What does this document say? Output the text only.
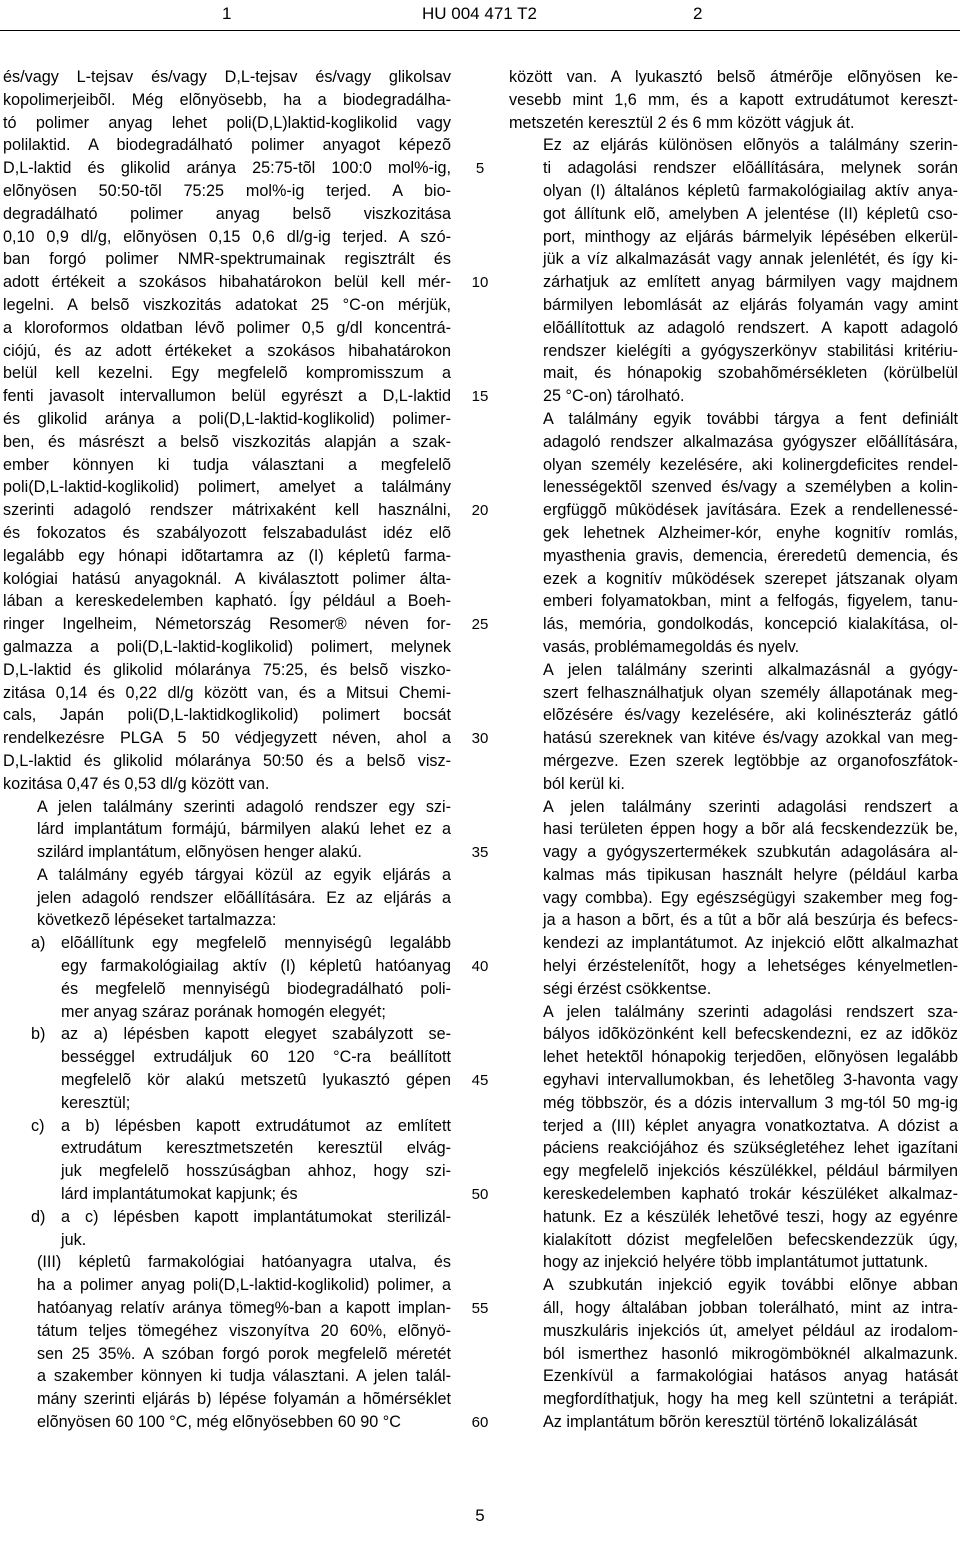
1	HU 004 471 T2	2

és/vagy L-tejsav és/vagy D,L-tejsav és/vagy glikolsav
kopolimerjeibõl. Még elõnyösebb, ha a biodegradálha-
tó polimer anyag lehet poli(D,L)laktid-koglikolid vagy
polilaktid. A biodegradálható polimer anyagot képezõ
D,L-laktid és glikolid aránya 25:75-tõl 100:0 mol%-ig,
elõnyösen 50:50-tõl 75:25 mol%-ig terjed. A bio-
degradálható polimer anyag belsõ viszkozitása
0,10 0,9 dl/g, elõnyösen 0,15 0,6 dl/g-ig terjed. A szó-
ban forgó polimer NMR-spektrumainak regisztrált és
adott értékeit a szokásos hibahatárokon belül kell mér-
legelni. A belsõ viszkozitás adatokat 25 °C-on mérjük,
a kloroformos oldatban lévõ polimer 0,5 g/dl koncentrá-
ciójú, és az adott értékeket a szokásos hibahatárokon
belül kell kezelni. Egy megfelelõ kompromisszum a
fenti javasolt intervallumon belül egyrészt a D,L-laktid
és glikolid aránya a poli(D,L-laktid-koglikolid) polimer-
ben, és másrészt a belsõ viszkozitás alapján a szak-
ember könnyen ki tudja választani a megfelelõ
poli(D,L-laktid-koglikolid) polimert, amelyet a találmány
szerinti adagoló rendszer mátrixaként kell használni,
és fokozatos és szabályozott felszabadulást idéz elõ
legalább egy hónapi idõtartamra az (I) képletû farma-
kológiai hatású anyagoknál. A kiválasztott polimer álta-
lában a kereskedelemben kapható. Így például a Boeh-
ringer Ingelheim, Németország Resomer® néven for-
galmazza a poli(D,L-laktid-koglikolid) polimert, melynek
D,L-laktid és glikolid mólaránya 75:25, és belsõ viszko-
zitása 0,14 és 0,22 dl/g között van, és a Mitsui Chemi-
cals, Japán poli(D,L-laktidkoglikolid) polimert bocsát
rendelkezésre PLGA 5 50 védjegyzett néven, ahol a
D,L-laktid és glikolid mólaránya 50:50 és a belsõ visz-
kozitása 0,47 és 0,53 dl/g között van.

A jelen találmány szerinti adagoló rendszer egy szi-
lárd implantátum formájú, bármilyen alakú lehet ez a
szilárd implantátum, elõnyösen henger alakú.

A találmány egyéb tárgyai közül az egyik eljárás a
jelen adagoló rendszer elõállítására. Ez az eljárás a
következõ lépéseket tartalmazza:

a) elõállítunk egy megfelelõ mennyiségû legalább
egy farmakológiailag aktív (I) képletû hatóanyag
és megfelelõ mennyiségû biodegradálható poli-
mer anyag száraz porának homogén elegyét;
b) az a) lépésben kapott elegyet szabályzott se-
bességgel extrudáljuk 60 120 °C-ra beállított
megfelelõ kör alakú metszetû lyukasztó gépen
keresztül;
c) a b) lépésben kapott extrudátumot az említett
extrudátum keresztmetszetén keresztül elvág-
juk megfelelõ hosszúságban ahhoz, hogy szi-
lárd implantátumokat kapjunk; és
d) a c) lépésben kapott implantátumokat sterilizál-
juk.

(III) képletû farmakológiai hatóanyagra utalva, és
ha a polimer anyag poli(D,L-laktid-koglikolid) polimer, a
hatóanyag relatív aránya tömeg%-ban a kapott implan-
tátum teljes tömegéhez viszonyítva 20 60%, elõnyö-
sen 25 35%. A szóban forgó porok megfelelõ méretét
a szakember könnyen ki tudja választani. A jelen talál-
mány szerinti eljárás b) lépése folyamán a hõmérséklet
elõnyösen 60 100 °C, még elõnyösebben 60 90 °C

között van. A lyukasztó belsõ átmérõje elõnyösen ke-
vesebb mint 1,6 mm, és a kapott extrudátumot kereszt-
metszetén keresztül 2 és 6 mm között vágjuk át.

Ez az eljárás különösen elõnyös a találmány szerin-
ti adagolási rendszer elõállítására, melynek során
olyan (I) általános képletû farmakológiailag aktív anya-
got állítunk elõ, amelyben A jelentése (II) képletû cso-
port, minthogy az eljárás bármelyik lépésében elkerül-
jük a víz alkalmazását vagy annak jelenlétét, és így ki-
zárhatjuk az említett anyag bármilyen vagy majdnem
bármilyen lebomlását az eljárás folyamán vagy amint
elõállítottuk az adagoló rendszert. A kapott adagoló
rendszer kielégíti a gyógyszerkönyv stabilitási kritériu-
mait, és hónapokig szobahõmérsékleten (körülbelül
25 °C-on) tárolható.

A találmány egyik további tárgya a fent definiált
adagoló rendszer alkalmazása gyógyszer elõállítására,
olyan személy kezelésére, aki kolinergdeficites rendel-
lenességektõl szenved és/vagy a személyben a kolin-
ergfüggõ mûködések javítására. Ezek a rendellenessé-
gek lehetnek Alzheimer-kór, enyhe kognitív romlás,
myasthenia gravis, demencia, éreredetû demencia, és
ezek a kognitív mûködések szerepet játszanak olyam
emberi folyamatokban, mint a felfogás, figyelem, tanu-
lás, memória, gondolkodás, koncepció kialakítása, ol-
vasás, problémamegoldás és nyelv.

A jelen találmány szerinti alkalmazásnál a gyógy-
szert felhasználhatjuk olyan személy állapotának meg-
elõzésére és/vagy kezelésére, aki kolinészteráz gátló
hatású szereknek van kitéve és/vagy azokkal van meg-
mérgezve. Ezen szerek legtöbbje az organofoszfátok-
ból kerül ki.

A jelen találmány szerinti adagolási rendszert a
hasi területen éppen hogy a bõr alá fecskendezzük be,
vagy a gyógyszertermékek szubkután adagolására al-
kalmas más tipikusan használt helyre (például karba
vagy combba). Egy egészségügyi szakember meg fog-
ja a hason a bõrt, és a tût a bõr alá beszúrja és befecs-
kendezi az implantátumot. Az injekció elõtt alkalmazhat
helyi érzéstelenítõt, hogy a lehetséges kényelmetlen-
ségi érzést csökkentse.

A jelen találmány szerinti adagolási rendszert sza-
bályos idõközönként kell befecskendezni, ez az idõköz
lehet hetektõl hónapokig terjedõen, elõnyösen legalább
egyhavi intervallumokban, és lehetõleg 3-havonta vagy
még többször, és a dózis intervallum 3 mg-tól 50 mg-ig
terjed a (III) képlet anyagra vonatkoztatva. A dózist a
páciens reakciójához és szükségletéhez lehet igazítani
egy megfelelõ injekciós készülékkel, például bármilyen
kereskedelemben kapható trokár készüléket alkalmaz-
hatunk. Ez a készülék lehetõvé teszi, hogy az egyénre
kialakított dózist megfelelõen befecskendezzük úgy,
hogy az injekció helyére több implantátumot juttatunk.

A szubkután injekció egyik további elõnye abban
áll, hogy általában jobban tolerálható, mint az intra-
muszkuláris injekciós út, amelyet például az irodalom-
ból ismerthez hasonló mikrogömböknél alkalmazunk.
Ezenkívül a farmakológiai hatásos anyag hatását
megfordíthatjuk, hogy ha meg kell szüntetni a terápiát.
Az implantátum bõrön keresztül történõ lokalizálását

5
10
15
20
25
30
35
40
45
50
55
60
5
